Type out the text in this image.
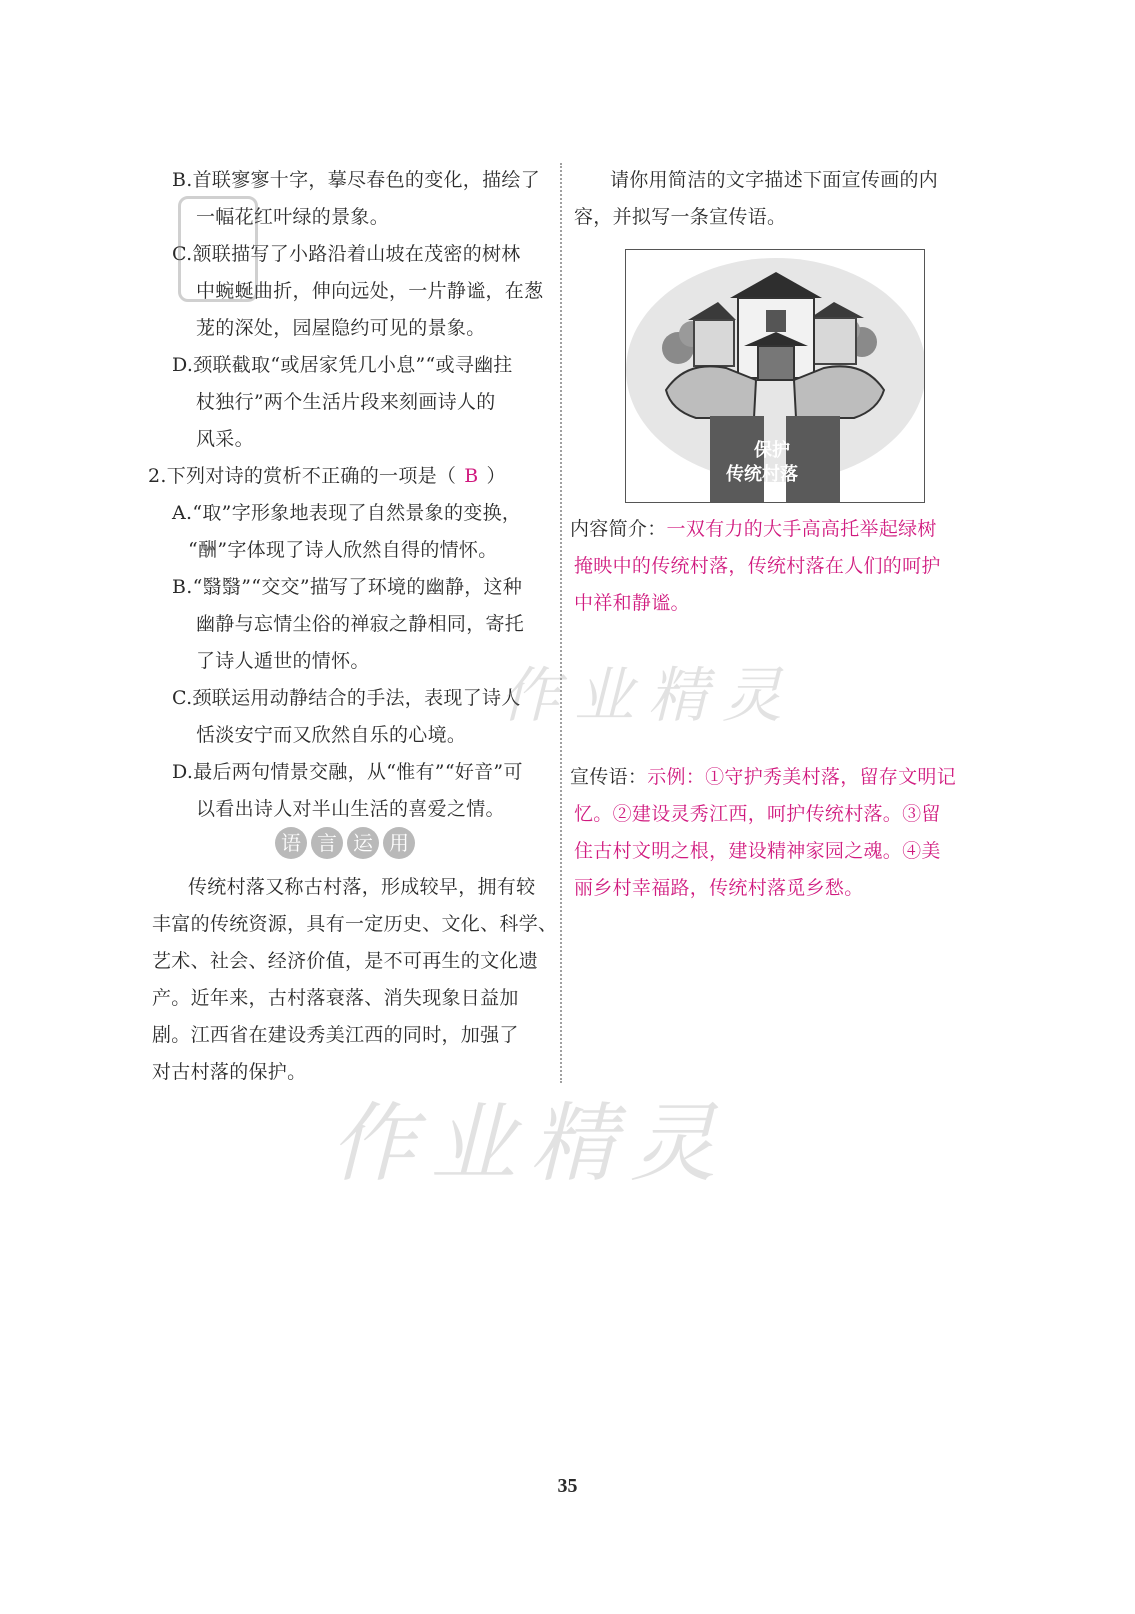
B.首联寥寥十字，摹尽春色的变化，描绘了
一幅花红叶绿的景象。
C.颔联描写了小路沿着山坡在茂密的树林
中蜿蜒曲折，伸向远处，一片静谧，在葱
茏的深处，园屋隐约可见的景象。
D.颈联截取“或居家凭几小息”“或寻幽拄
杖独行”两个生活片段来刻画诗人的
风采。
2.下列对诗的赏析不正确的一项是（ B ）
A.“取”字形象地表现了自然景象的变换，
“酬”字体现了诗人欣然自得的情怀。
B.“翳翳”“交交”描写了环境的幽静，这种
幽静与忘情尘俗的禅寂之静相同，寄托
了诗人遁世的情怀。
C.颈联运用动静结合的手法，表现了诗人
恬淡安宁而又欣然自乐的心境。
D.最后两句情景交融，从“惟有”“好音”可
以看出诗人对半山生活的喜爱之情。
传统村落又称古村落，形成较早，拥有较
丰富的传统资源，具有一定历史、文化、科学、
艺术、社会、经济价值，是不可再生的文化遗
产。近年来，古村落衰落、消失现象日益加
剧。江西省在建设秀美江西的同时，加强了
对古村落的保护。
语 言 运 用
请你用简洁的文字描述下面宣传画的内
容，并拟写一条宣传语。
内容简介：一双有力的大手高高托举起绿树
掩映中的传统村落，传统村落在人们的呵护
中祥和静谧。
宣传语：示例：①守护秀美村落，留存文明记
忆。②建设灵秀江西，呵护传统村落。③留
住古村文明之根，建设精神家园之魂。④美
丽乡村幸福路，传统村落觅乡愁。
保护
传统村落
作业精灵
作业精灵
35
